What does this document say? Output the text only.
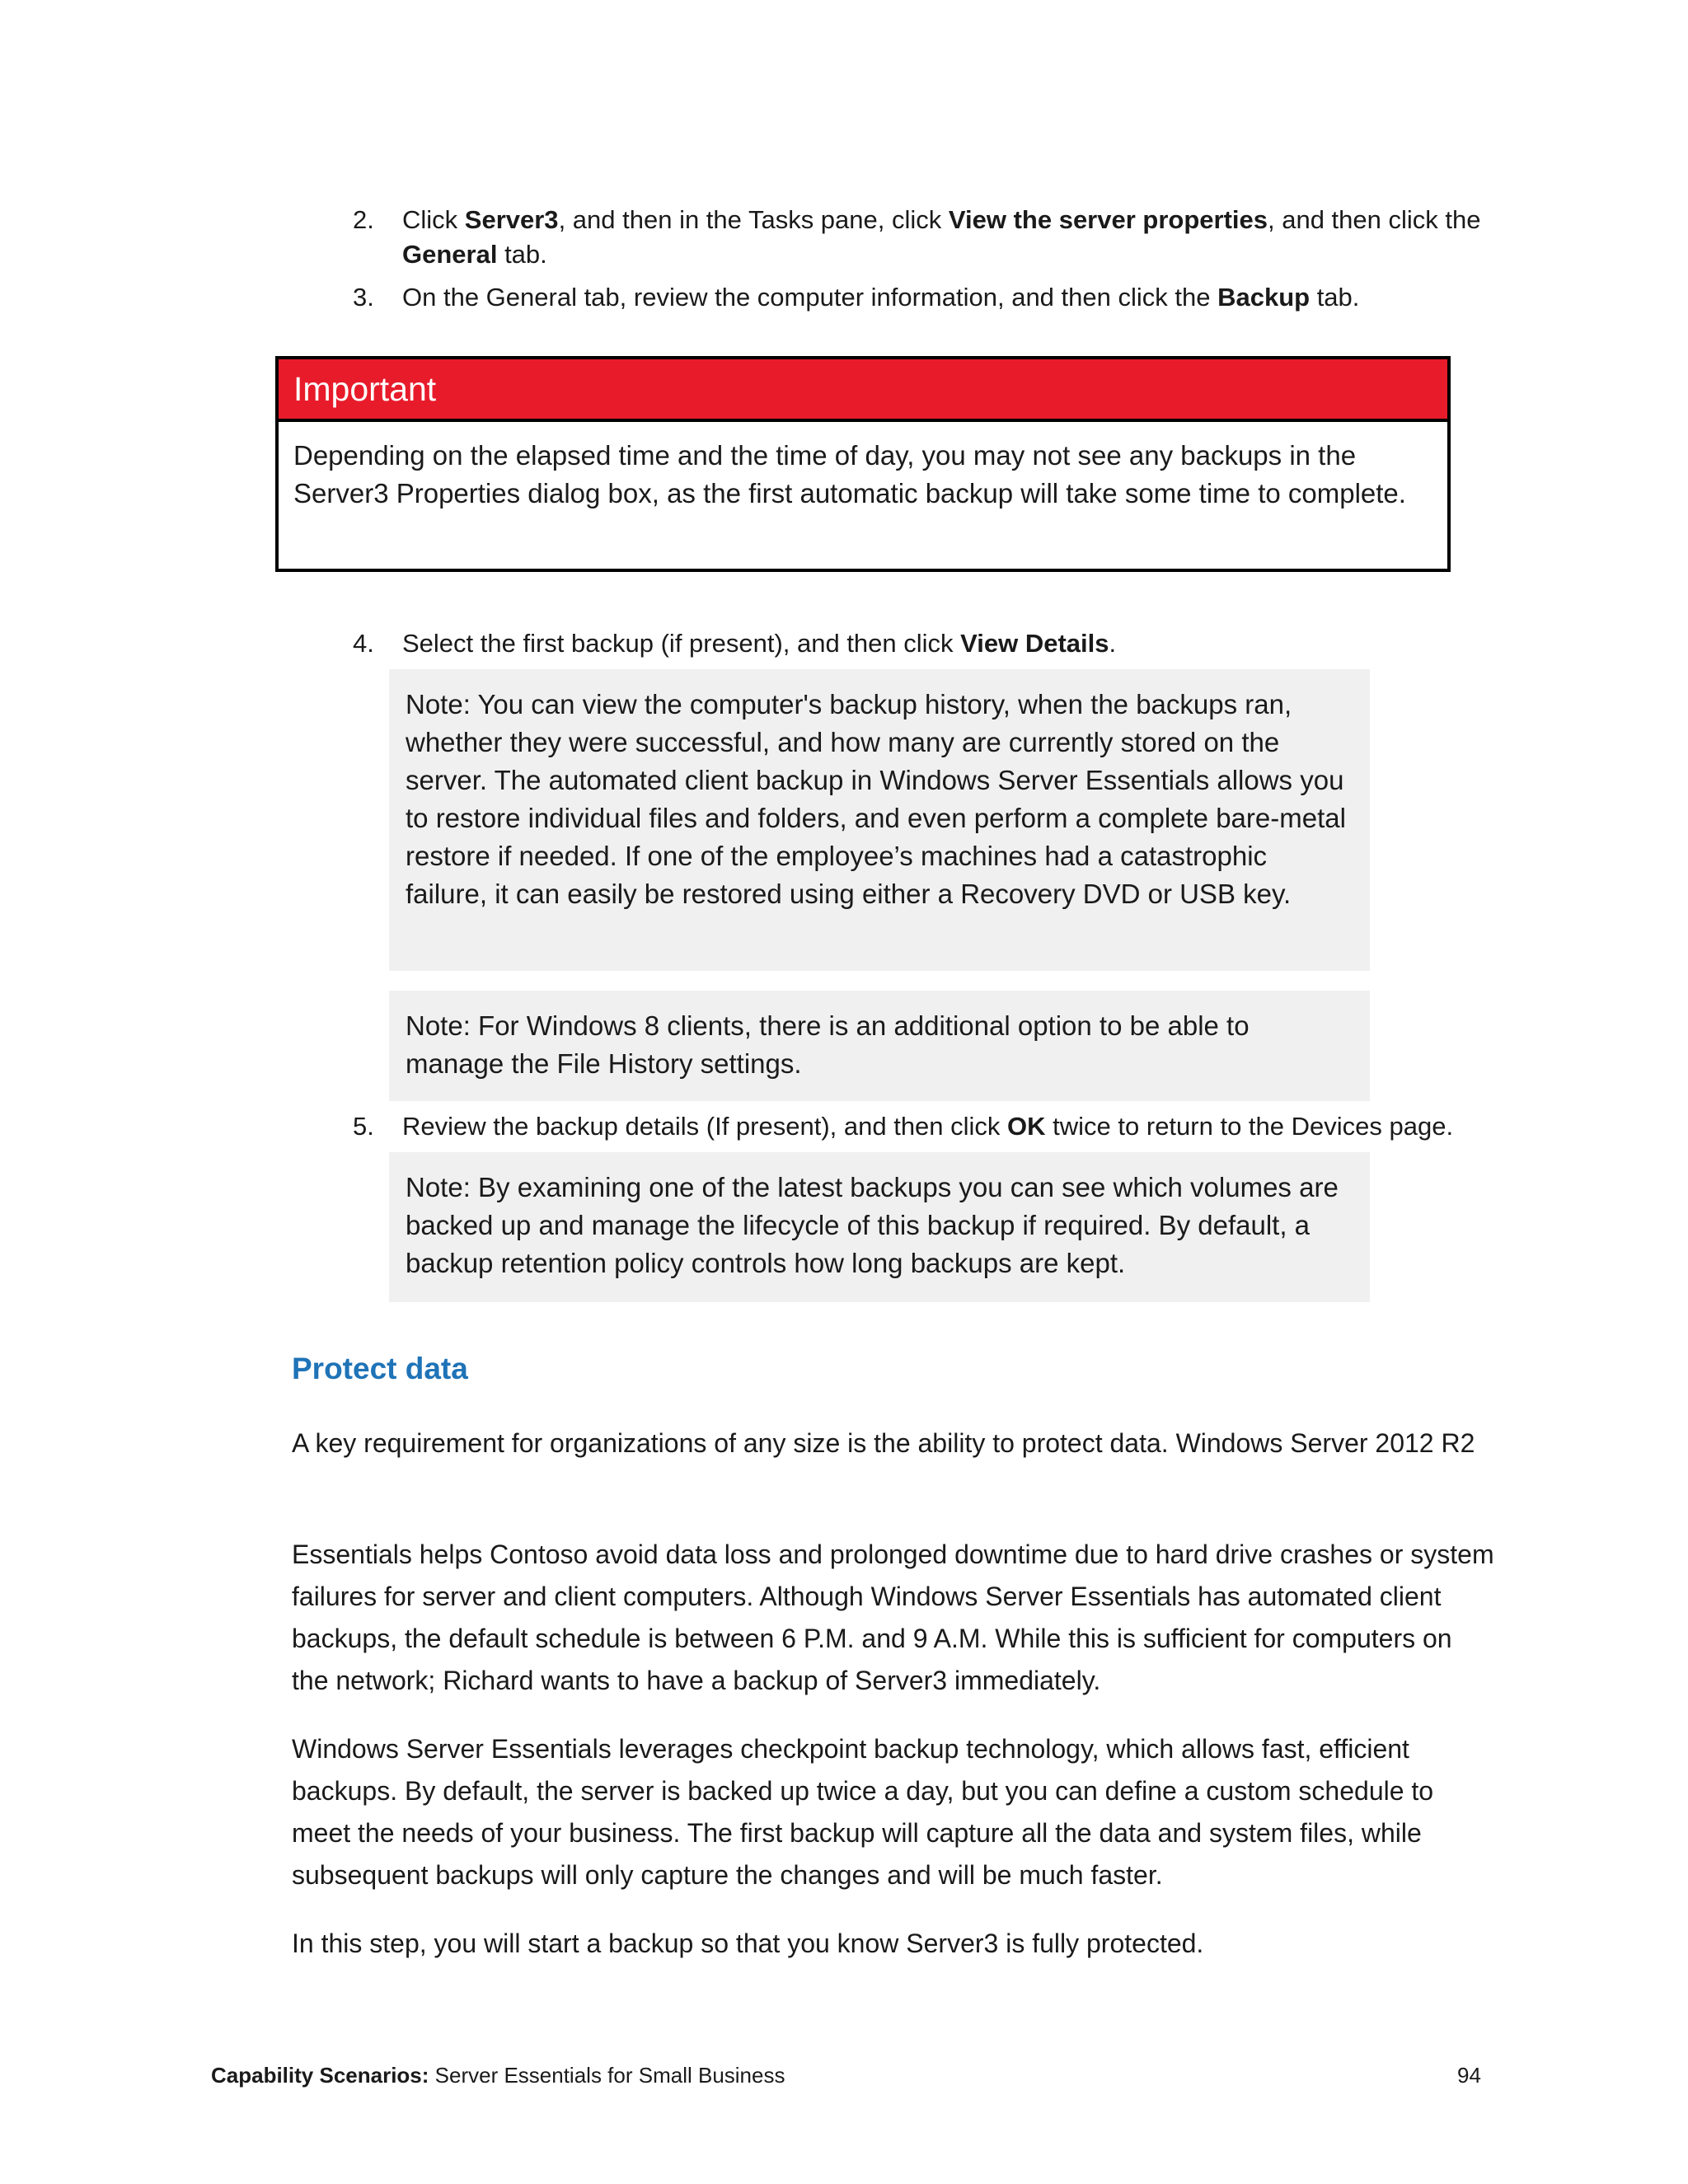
2.	Click Server3, and then in the Tasks pane, click View the server properties, and then click the General tab.
3.	On the General tab, review the computer information, and then click the Backup tab.
Important
Depending on the elapsed time and the time of day, you may not see any backups in the Server3 Properties dialog box, as the first automatic backup will take some time to complete.
4.	Select the first backup (if present), and then click View Details.
Note: You can view the computer's backup history, when the backups ran, whether they were successful, and how many are currently stored on the server. The automated client backup in Windows Server Essentials allows you to restore individual files and folders, and even perform a complete bare-metal restore if needed. If one of the employee’s machines had a catastrophic failure, it can easily be restored using either a Recovery DVD or USB key.
Note: For Windows 8 clients, there is an additional option to be able to manage the File History settings.
5.	Review the backup details (If present), and then click OK twice to return to the Devices page.
Note: By examining one of the latest backups you can see which volumes are backed up and manage the lifecycle of this backup if required. By default, a backup retention policy controls how long backups are kept.
Protect data
A key requirement for organizations of any size is the ability to protect data. Windows Server 2012 R2
Essentials helps Contoso avoid data loss and prolonged downtime due to hard drive crashes or system failures for server and client computers. Although Windows Server Essentials has automated client backups, the default schedule is between 6 P.M. and 9 A.M. While this is sufficient for computers on the network; Richard wants to have a backup of Server3 immediately.
Windows Server Essentials leverages checkpoint backup technology, which allows fast, efficient backups. By default, the server is backed up twice a day, but you can define a custom schedule to meet the needs of your business. The first backup will capture all the data and system files, while subsequent backups will only capture the changes and will be much faster.
In this step, you will start a backup so that you know Server3 is fully protected.
Capability Scenarios: Server Essentials for Small Business	94
